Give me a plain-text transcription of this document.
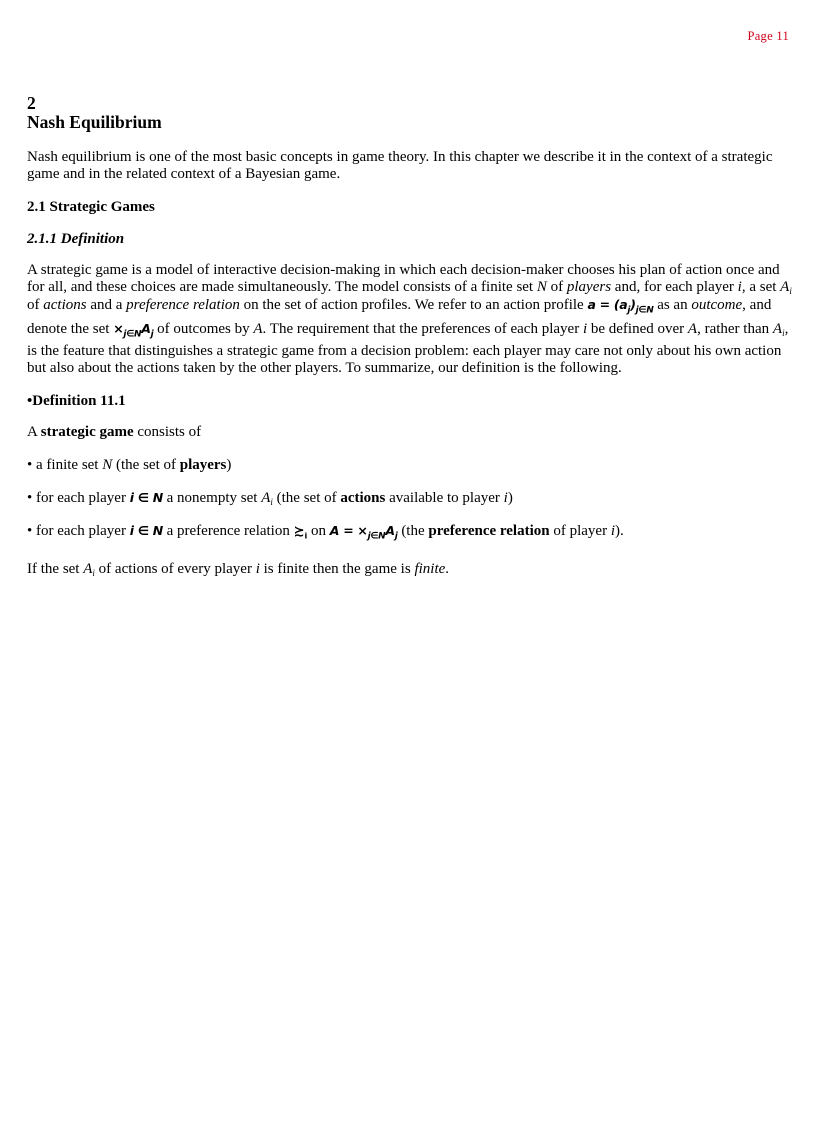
Page 11
2
Nash Equilibrium

Nash equilibrium is one of the most basic concepts in game theory. In this chapter we describe it in the context of a strategic game and in the related context of a Bayesian game.

2.1 Strategic Games
2.1.1 Definition

A strategic game is a model of interactive decision-making in which each decision-maker chooses his plan of action once and for all, and these choices are made simultaneously. The model consists of a finite set N of players and, for each player i, a set $A_i$ of actions and a preference relation on the set of action profiles. We refer to an action profile $a = (a_j)_{j\in N}$ as an outcome, and denote the set $\times_{j\in N}A_j$ of outcomes by A. The requirement that the preferences of each player i be defined over A, rather than $A_i$, is the feature that distinguishes a strategic game from a decision problem: each player may care not only about his own action but also about the actions taken by the other players. To summarize, our definition is the following.

•Definition 11.1

A strategic game consists of

• a finite set N (the set of players)
• for each player i ∈ N a nonempty set $A_i$ (the set of actions available to player i)
• for each player i ∈ N a preference relation $≿_i$ on $A = \times_{j\in N}A_j$ (the preference relation of player i).

If the set $A_i$ of actions of every player i is finite then the game is finite.
